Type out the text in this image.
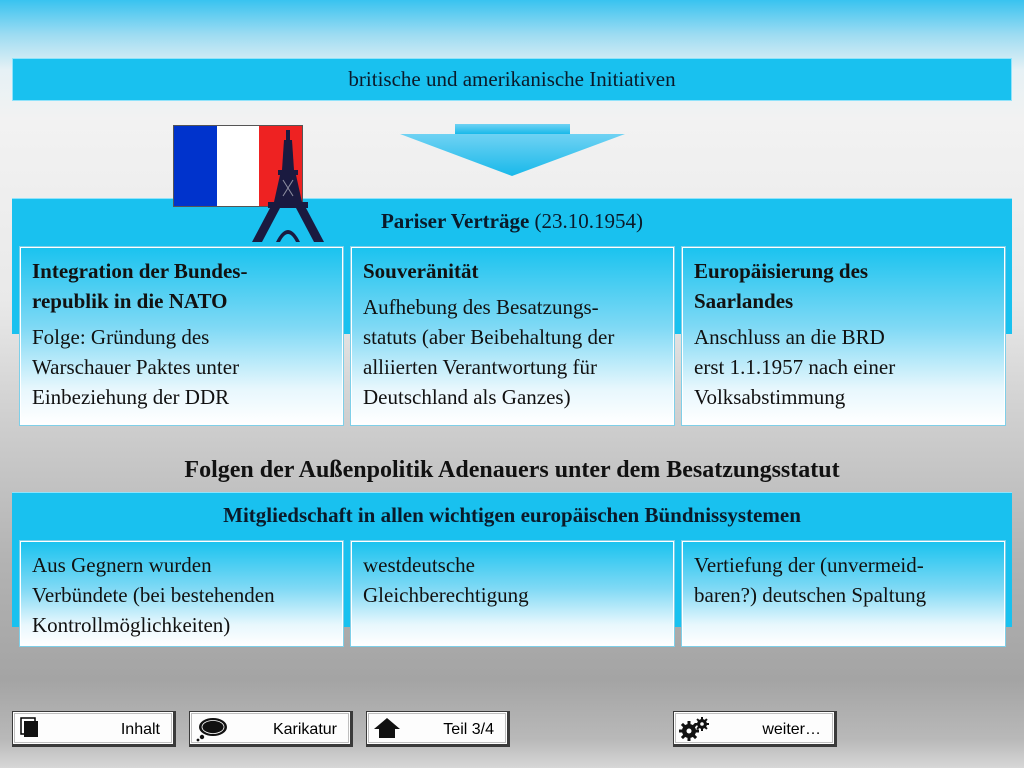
britische und amerikanische Initiativen
Pariser Verträge (23.10.1954)
Integration der Bundes-
republik in die NATO
Folge: Gründung des
Warschauer Paktes unter
Einbeziehung der DDR
Souveränität
Aufhebung des Besatzungs-
statuts (aber Beibehaltung der
alliierten Verantwortung für
Deutschland als Ganzes)
Europäisierung des
Saarlandes
Anschluss an die BRD
erst 1.1.1957 nach einer
Volksabstimmung
Folgen der Außenpolitik Adenauers unter dem Besatzungsstatut
Mitgliedschaft in allen wichtigen europäischen Bündnissystemen
Aus Gegnern wurden
Verbündete (bei bestehenden
Kontrollmöglichkeiten)
westdeutsche
Gleichberechtigung
Vertiefung der (unvermeid-
baren?) deutschen Spaltung
Inhalt	Karikatur	Teil 3/4	weiter…
